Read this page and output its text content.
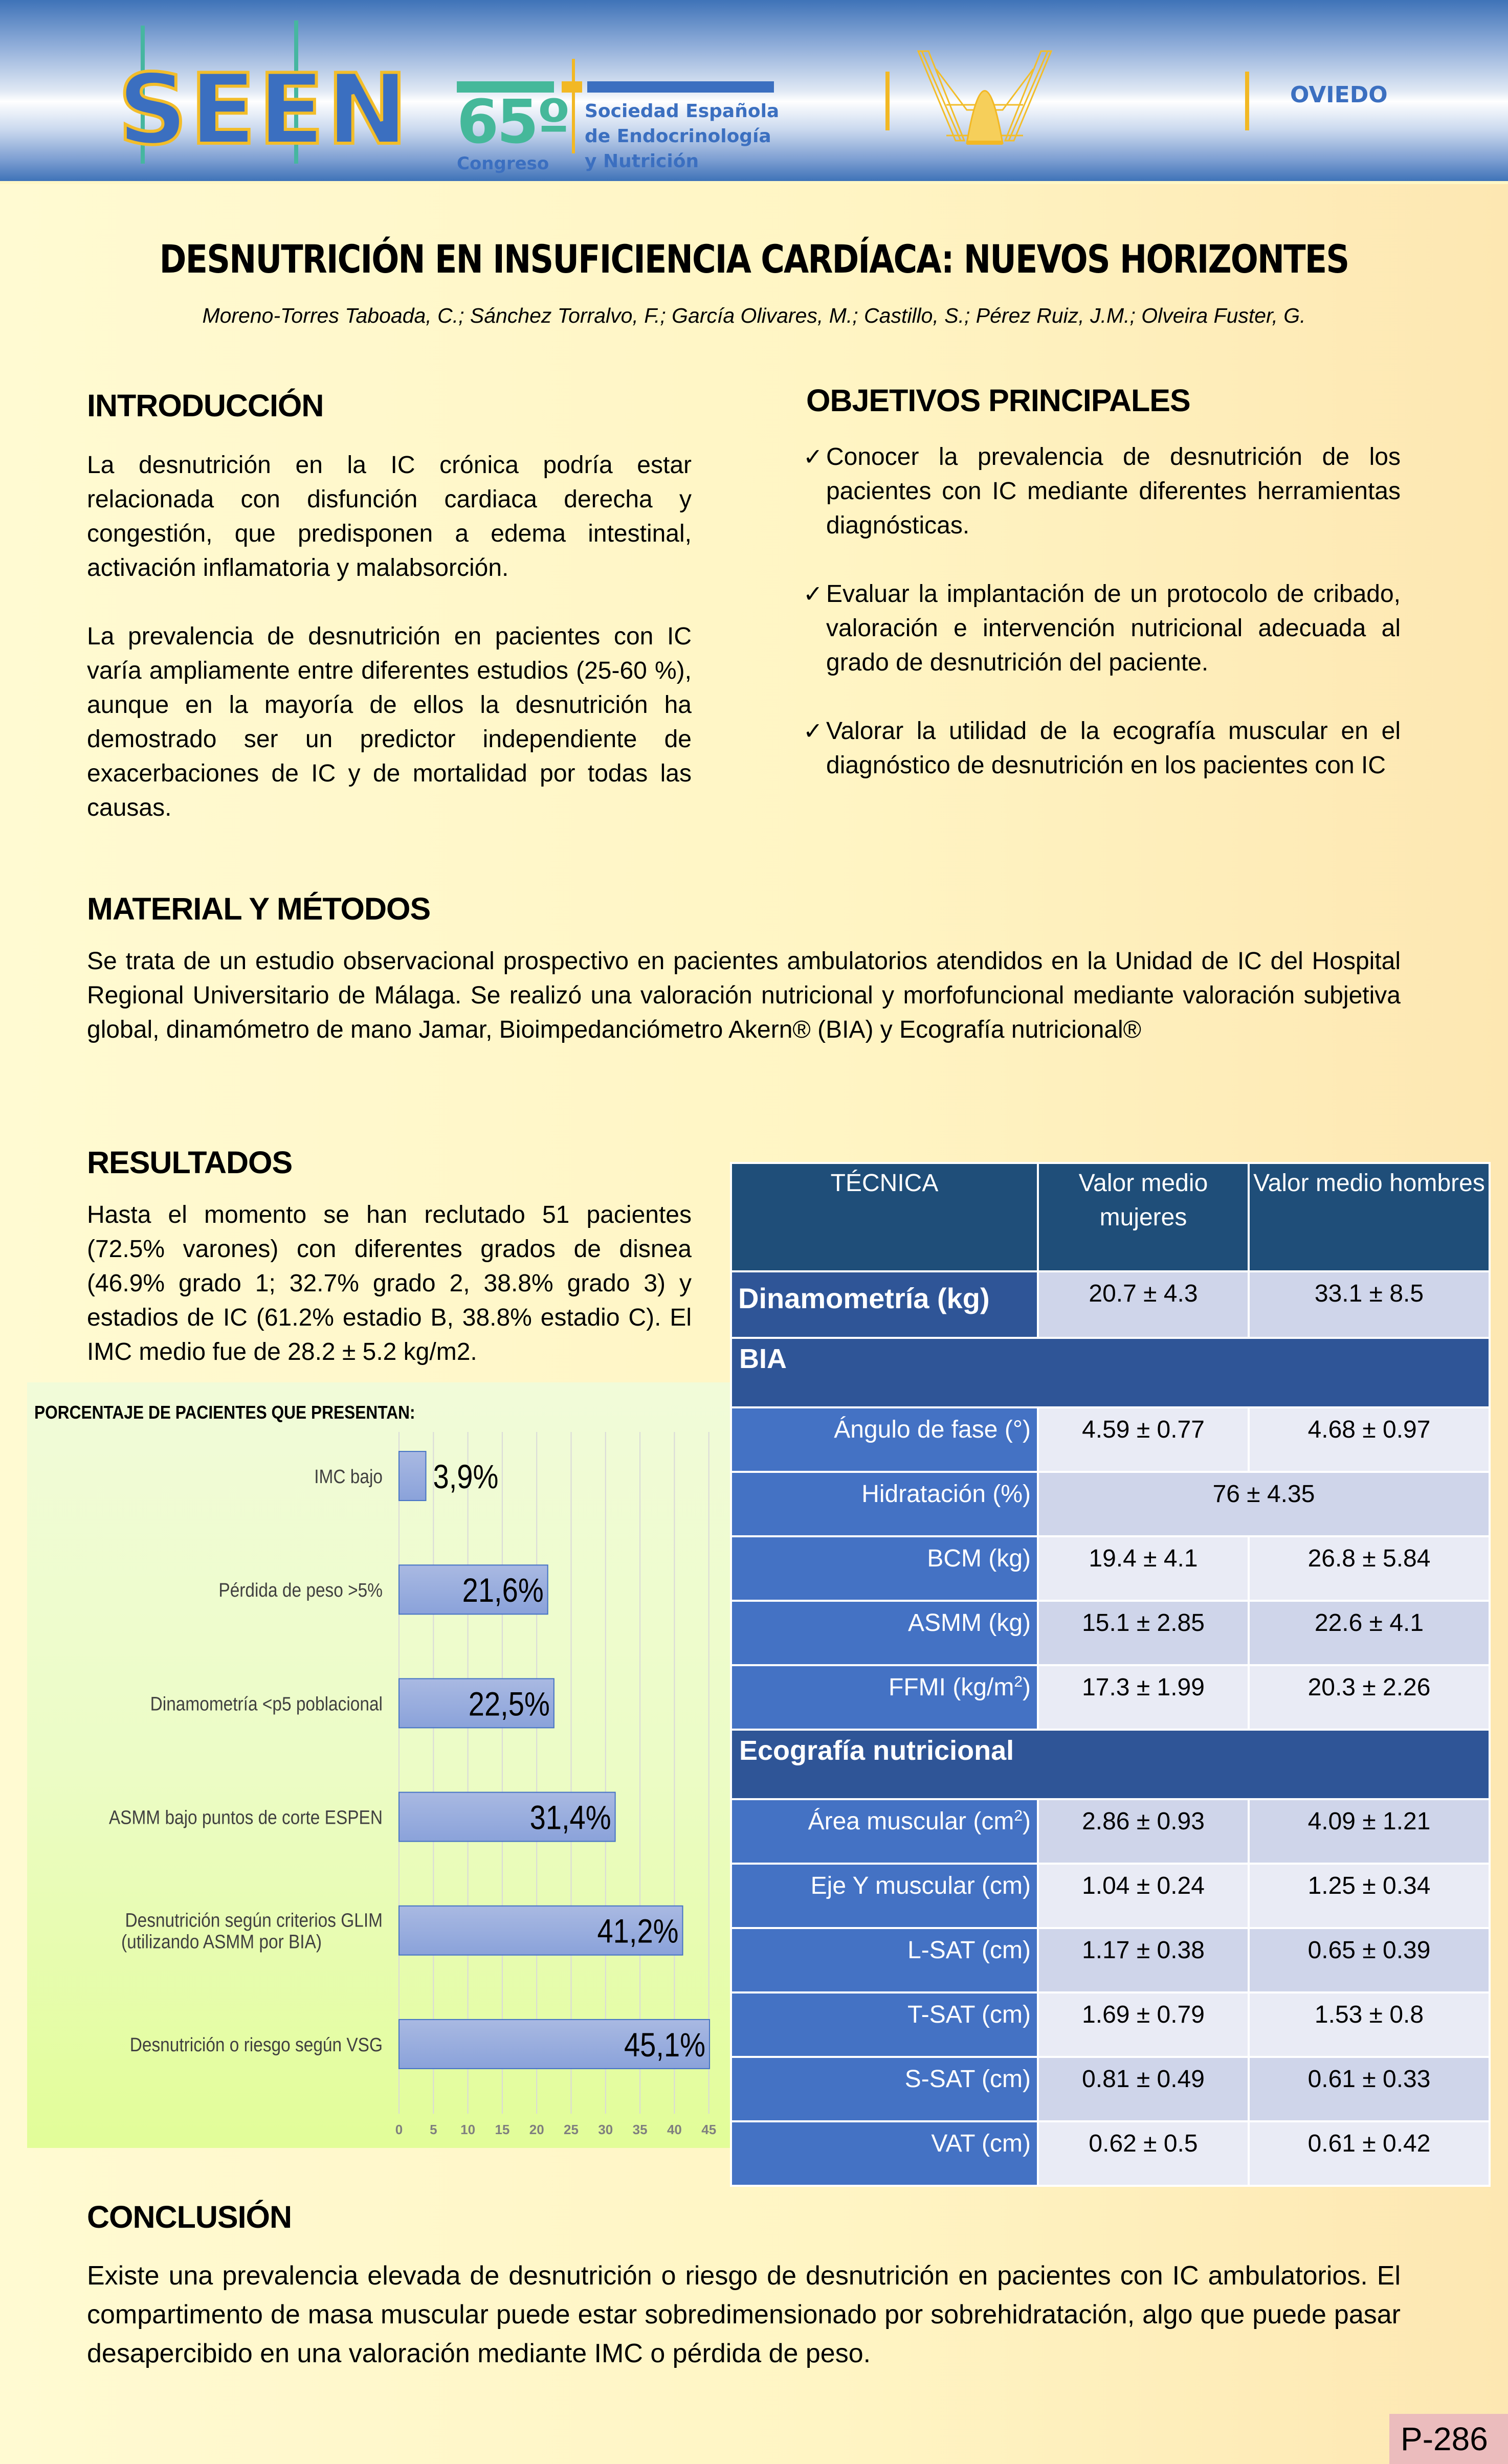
SEEN 65º
Congreso
Sociedad Española
de Endocrinología
y Nutrición
OVIEDO
DESNUTRICIÓN EN INSUFICIENCIA CARDÍACA: NUEVOS HORIZONTES
Moreno-Torres Taboada, C.; Sánchez Torralvo, F.; García Olivares, M.; Castillo, S.; Pérez Ruiz, J.M.; Olveira Fuster, G.
INTRODUCCIÓN

La desnutrición en la IC crónica podría estar relacionada con disfunción cardiaca derecha y congestión, que predisponen a edema intestinal, activación inflamatoria y malabsorción.

La prevalencia de desnutrición en pacientes con IC varía ampliamente entre diferentes estudios (25-60 %), aunque en la mayoría de ellos la desnutrición ha demostrado ser un predictor independiente de exacerbaciones de IC y de mortalidad por todas las causas.

OBJETIVOS PRINCIPALES
✓ Conocer la prevalencia de desnutrición de los pacientes con IC mediante diferentes herramientas diagnósticas.
✓ Evaluar la implantación de un protocolo de cribado, valoración e intervención nutricional adecuada al grado de desnutrición del paciente.
✓ Valorar la utilidad de la ecografía muscular en el diagnóstico de desnutrición en los pacientes con IC
MATERIAL Y MÉTODOS
Se trata de un estudio observacional prospectivo en pacientes ambulatorios atendidos en la Unidad de IC del Hospital Regional Universitario de Málaga. Se realizó una valoración nutricional y morfofuncional mediante valoración subjetiva global, dinamómetro de mano Jamar, Bioimpedanciómetro Akern® (BIA) y Ecografía nutricional®
RESULTADOS
Hasta el momento se han reclutado 51 pacientes (72.5% varones) con diferentes grados de disnea (46.9% grado 1; 32.7% grado 2, 38.8% grado 3) y estadios de IC (61.2% estadio B, 38.8% estadio C). El IMC medio fue de 28.2 ± 5.2 kg/m2.
PORCENTAJE DE PACIENTES QUE PRESENTAN:
0 5 10 15 20 25 30 35 40 45
IMC bajo 3,9%
Pérdida de peso >5% 21,6%
Dinamometría <p5 poblacional	22,5%
ASMM bajo puntos de corte ESPEN	31,4%
Desnutrición según criterios GLIM
(utilizando ASMM por BIA)	41,2%
Desnutrición o riesgo según VSG	45,1%
TÉCNICA	Valor medio mujeres	Valor medio hombres
Dinamometría (kg)	20.7 ± 4.3	33.1 ± 8.5
BIA		
Ángulo de fase (°)	4.59 ± 0.77	4.68 ± 0.97
Hidratación (%)	76 ± 4.35	
BCM (kg)	19.4 ± 4.1	26.8 ± 5.84
ASMM (kg)	15.1 ± 2.85	22.6 ± 4.1
FFMI $(kg/m^2)$	17.3 ± 1.99	20.3 ± 2.26
Ecografía nutricional		
Área muscular $(cm^2)$	2.86 ± 0.93	4.09 ± 1.21
Eje Y muscular (cm)	1.04 ± 0.24	1.25 ± 0.34
L-SAT (cm)	1.17 ± 0.38	0.65 ± 0.39
T-SAT (cm)	1.69 ± 0.79	1.53 ± 0.8
S-SAT (cm)	0.81 ± 0.49	0.61 ± 0.33
VAT (cm)	0.62 ± 0.5	0.61 ± 0.42
CONCLUSIÓN
Existe una prevalencia elevada de desnutrición o riesgo de desnutrición en pacientes con IC ambulatorios. El compartimento de masa muscular puede estar sobredimensionado por sobrehidratación, algo que puede pasar desapercibido en una valoración mediante IMC o pérdida de peso.
P-286
